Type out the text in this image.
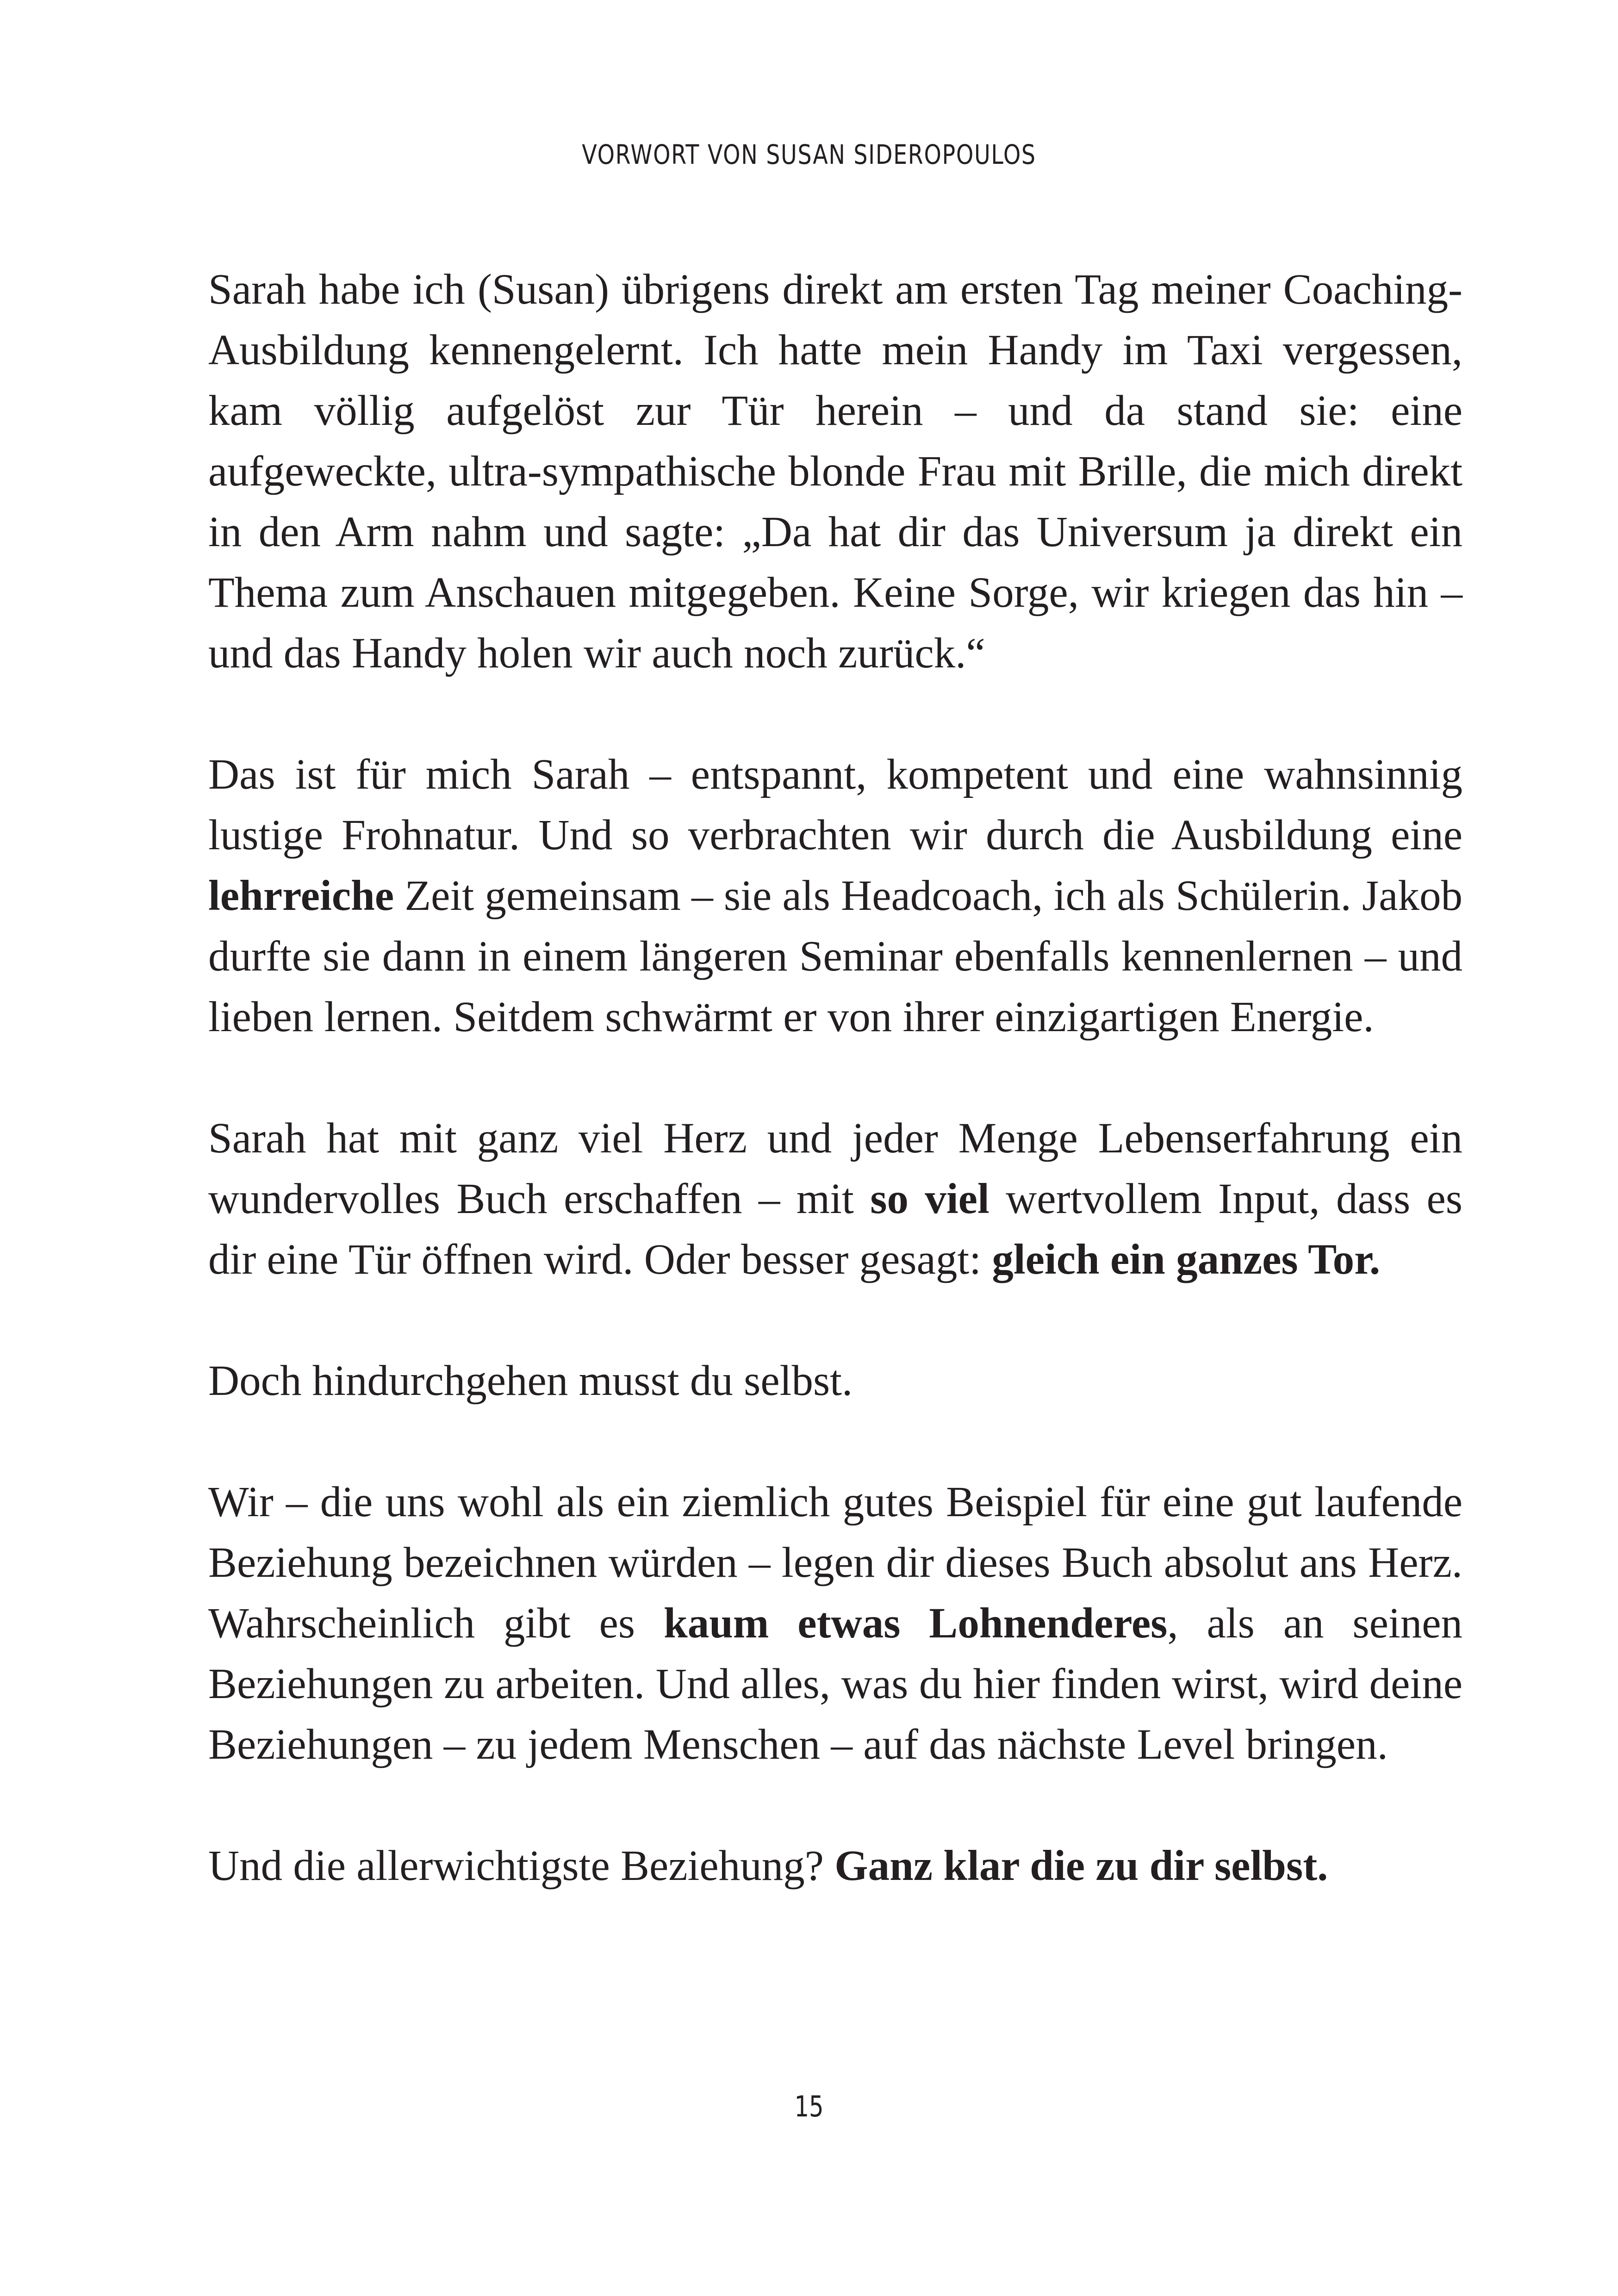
VORWORT VON SUSAN SIDEROPOULOS

Sarah habe ich (Susan) übrigens direkt am ersten Tag meiner Coaching-Ausbildung kennengelernt. Ich hatte mein Handy im Taxi vergessen, kam völlig aufgelöst zur Tür herein – und da stand sie: eine aufgeweckte, ultra-sympathische blonde Frau mit Brille, die mich direkt in den Arm nahm und sagte: „Da hat dir das Universum ja direkt ein Thema zum Anschauen mitgegeben. Keine Sorge, wir kriegen das hin – und das Handy holen wir auch noch zurück.“

Das ist für mich Sarah – entspannt, kompetent und eine wahnsinnig lustige Frohnatur. Und so verbrachten wir durch die Ausbildung eine lehrreiche Zeit gemeinsam – sie als Headcoach, ich als Schülerin. Jakob durfte sie dann in einem längeren Seminar ebenfalls kennenlernen – und lieben lernen. Seitdem schwärmt er von ihrer einzigartigen Energie.

Sarah hat mit ganz viel Herz und jeder Menge Lebenserfahrung ein wundervolles Buch erschaffen – mit so viel wertvollem Input, dass es dir eine Tür öffnen wird. Oder besser gesagt: gleich ein ganzes Tor.

Doch hindurchgehen musst du selbst.

Wir – die uns wohl als ein ziemlich gutes Beispiel für eine gut laufende Beziehung bezeichnen würden – legen dir dieses Buch absolut ans Herz. Wahrscheinlich gibt es kaum etwas Lohnenderes, als an seinen Beziehungen zu arbeiten. Und alles, was du hier finden wirst, wird deine Beziehungen – zu jedem Menschen – auf das nächste Level bringen.

Und die allerwichtigste Beziehung? Ganz klar die zu dir selbst.

15
